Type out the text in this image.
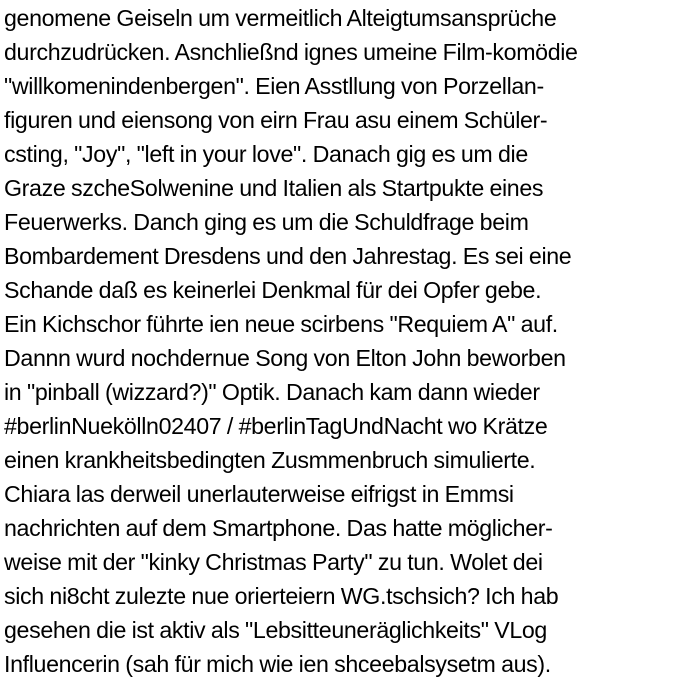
genomene Geiseln um vermeitlich Alteigtumsansprüche
durchzudrücken. Asnchließnd ignes umeine Film-komödie
"willkomenindenbergen". Eien Asstllung von Porzellan-
figuren und eiensong von eirn Frau asu einem Schüler-
csting, "Joy", "left in your love". Danach gig es um die
Graze szcheSolwenine und Italien als Startpukte eines
Feuerwerks. Danch ging es um die Schuldfrage beim
Bombardement Dresdens und den Jahrestag. Es sei eine
Schande daß es keinerlei Denkmal für dei Opfer gebe.
Ein Kichschor führte ien neue scirbens "Requiem A" auf.
Dannn wurd nochdernue Song von Elton John beworben
in "pinball (wizzard?)" Optik. Danach kam dann wieder
#berlinNuekölln02407 / #berlinTagUndNacht wo Krätze
einen krankheitsbedingten Zusmmenbruch simulierte.
Chiara las derweil unerlauterweise eifrigst in Emmsi
nachrichten auf dem Smartphone. Das hatte möglicher-
weise mit der "kinky Christmas Party" zu tun. Wolet dei
sich ni8cht zulezte nue orierteiern WG.tschsich? Ich hab
gesehen die ist aktiv als "Lebsitteuneräglichkeits" VLog
Influencerin (sah für mich wie ien shceebalsysetm aus).
